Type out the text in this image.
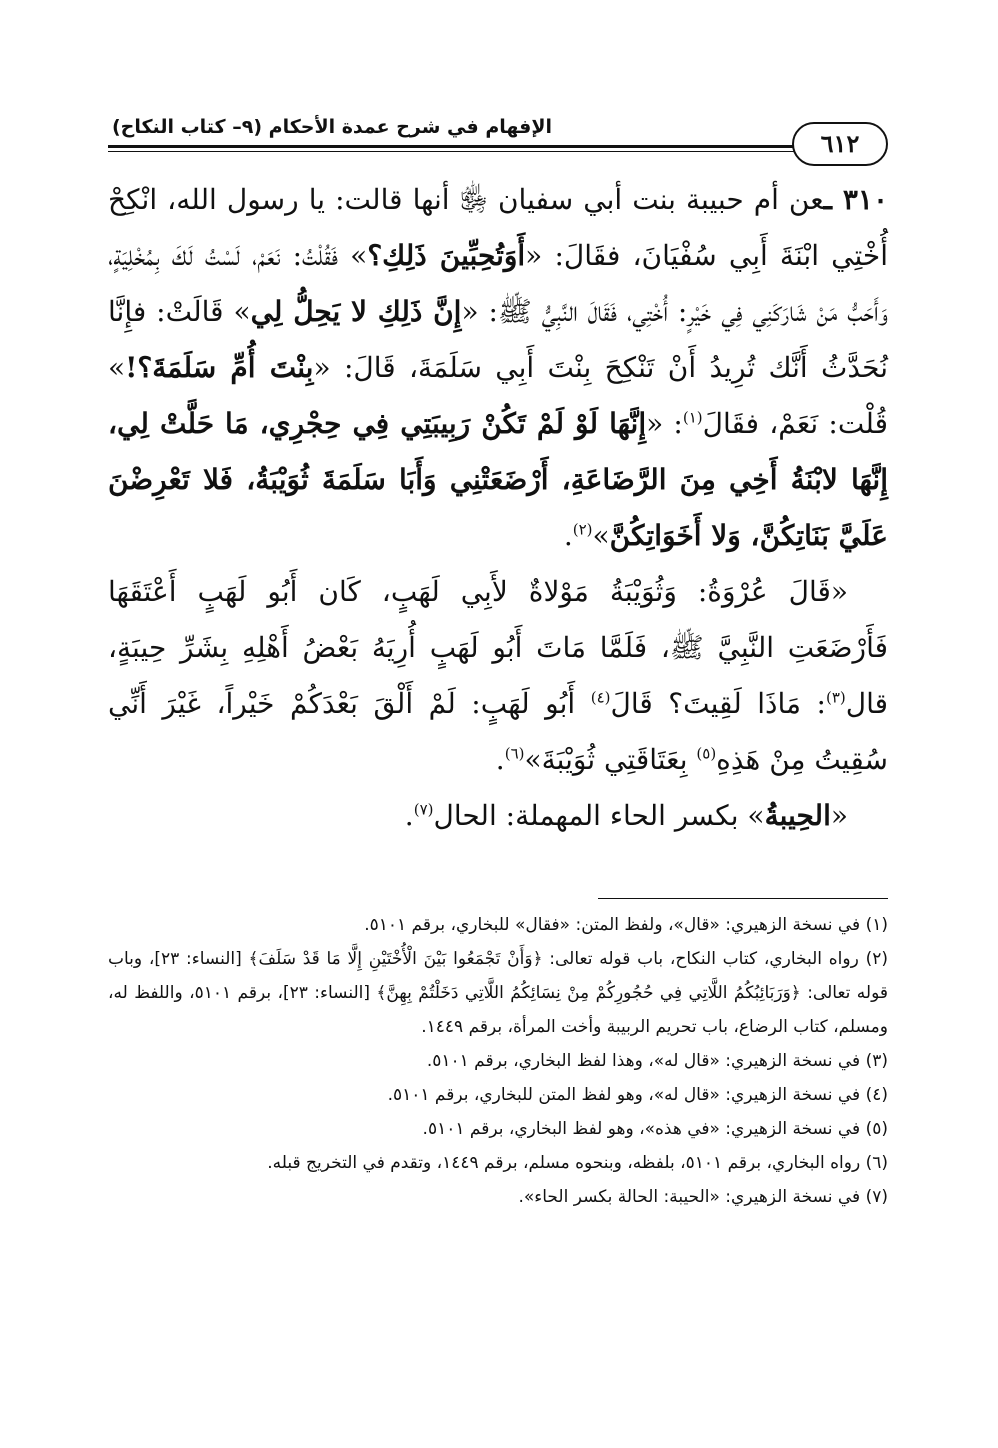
٦١٢
الإفهام في شرح عمدة الأحكام (٩– كتاب النكاح)

٣١٠ ـعن أم حبيبة بنت أبي سفيان ﵂ أنها قالت: يا رسول الله، انْكِحْ أُخْتِي ابْنَةَ أَبِي سُفْيَانَ، فقَالَ: «أَوَتُحِبِّينَ ذَلِكِ؟» فَقُلْتُ: نَعَمْ، لَسْتُ لَكَ بِمُخْلِيَةٍ، وَأَحَبُّ مَنْ شَارَكَنِي فِي خَيْرٍ: أُخْتِي، فَقَالَ النَّبِيُّ ﷺ: «إِنَّ ذَلِكِ لا يَحِلُّ لِي» قَالَتْ: فإِنَّا نُحَدَّثُ أَنَّك تُرِيدُ أَنْ تَنْكِحَ بِنْتَ أَبِي سَلَمَةَ، قَالَ: «بِنْتَ أُمِّ سَلَمَةَ؟!» قُلْت: نَعَمْ، فقَالَ$^{(١)}$: «إِنَّهَا لَوْ لَمْ تَكُنْ رَبِيبَتِي فِي حِجْرِي، مَا حَلَّتْ لِي، إِنَّهَا لابْنَةُ أَخِي مِنَ الرَّضَاعَةِ، أَرْضَعَتْنِي وَأَبَا سَلَمَةَ ثُوَيْبَةُ، فَلا تَعْرِضْنَ عَلَيَّ بَنَاتِكُنَّ، وَلا أَخَوَاتِكُنَّ»$^{(٢)}$.

«قَالَ عُرْوَةُ: وَثُوَيْبَةُ مَوْلاةٌ لأَبِي لَهَبٍ، كَان أَبُو لَهَبٍ أَعْتَقَهَا فَأَرْضَعَتِ النَّبِيَّ ﷺ، فَلَمَّا مَاتَ أَبُو لَهَبٍ أُرِيَهُ بَعْضُ أَهْلِهِ بِشَرِّ حِيبَةٍ، قال$^{(٣)}$: مَاذَا لَقِيتَ؟ قَالَ$^{(٤)}$ أَبُو لَهَبٍ: لَمْ أَلْقَ بَعْدَكُمْ خَيْراً، غَيْرَ أَنِّي سُقِيتُ مِنْ هَذِهِ$^{(٥)}$ بِعَتَاقَتِي ثُوَيْبَةَ»$^{(٦)}$.

«الحِيبةُ» بكسر الحاء المهملة: الحال$^{(٧)}$.

(١) في نسخة الزهيري: «قال»، ولفظ المتن: «فقال» للبخاري، برقم ٥١٠١.

(٢) رواه البخاري، كتاب النكاح، باب قوله تعالى: ﴿وَأَنْ تَجْمَعُوا بَيْنَ الْأُخْتَيْنِ إِلَّا مَا قَدْ سَلَفَ﴾ [النساء: ٢٣]، وباب قوله تعالى: ﴿وَرَبَائِبُكُمُ اللَّاتِي فِي حُجُورِكُمْ مِنْ نِسَائِكُمُ اللَّاتِي دَخَلْتُمْ بِهِنَّ﴾ [النساء: ٢٣]، برقم ٥١٠١، واللفظ له، ومسلم، كتاب الرضاع، باب تحريم الربيبة وأخت المرأة، برقم ١٤٤٩.

(٣) في نسخة الزهيري: «قال له»، وهذا لفظ البخاري، برقم ٥١٠١.

(٤) في نسخة الزهيري: «قال له»، وهو لفظ المتن للبخاري، برقم ٥١٠١.

(٥) في نسخة الزهيري: «في هذه»، وهو لفظ البخاري، برقم ٥١٠١.

(٦) رواه البخاري، برقم ٥١٠١، بلفظه، وبنحوه مسلم، برقم ١٤٤٩، وتقدم في التخريج قبله.

(٧) في نسخة الزهيري: «الحيبة: الحالة بكسر الحاء».
